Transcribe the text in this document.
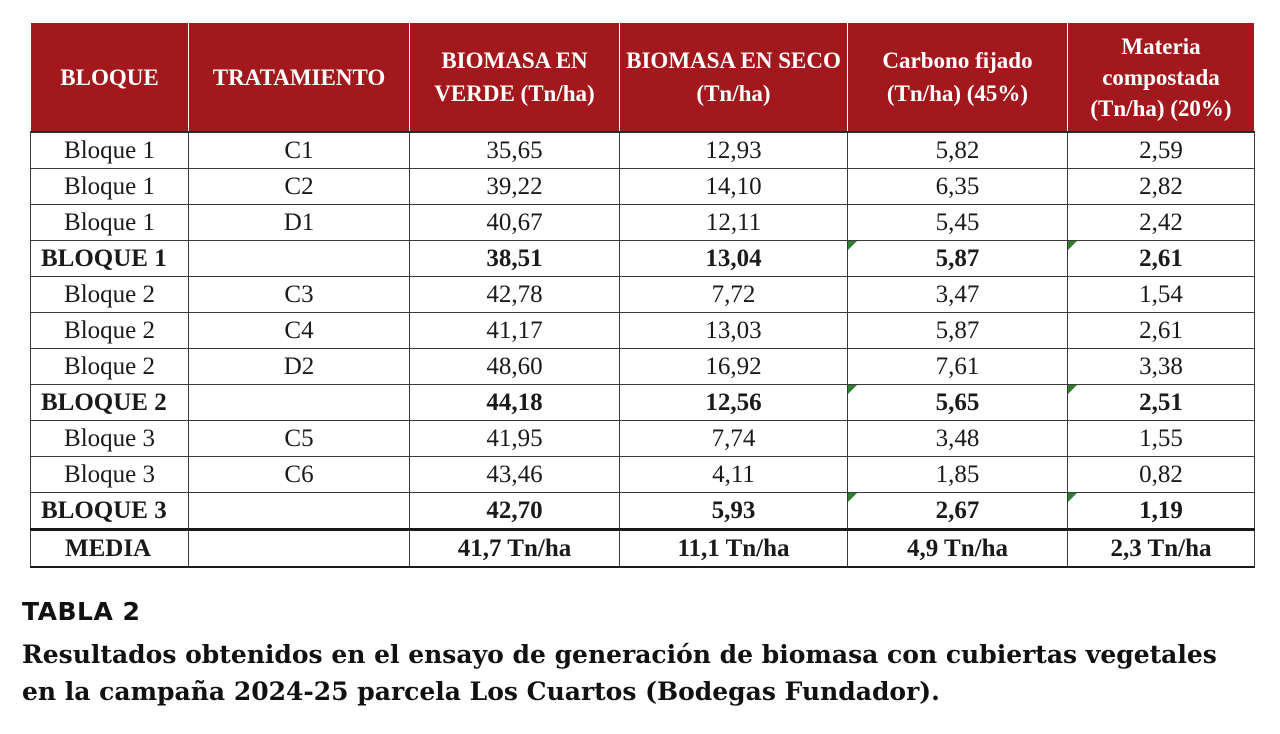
BLOQUE	TRATAMIENTO	BIOMASA EN VERDE (Tn/ha)	BIOMASA EN SECO (Tn/ha)	Carbono fijado (Tn/ha) (45%)	Materia compostada (Tn/ha) (20%)
Bloque 1	C1	35,65	12,93	5,82	2,59
Bloque 1	C2	39,22	14,10	6,35	2,82
Bloque 1	D1	40,67	12,11	5,45	2,42
BLOQUE 1		38,51	13,04	5,87	2,61
Bloque 2	C3	42,78	7,72	3,47	1,54
Bloque 2	C4	41,17	13,03	5,87	2,61
Bloque 2	D2	48,60	16,92	7,61	3,38
BLOQUE 2		44,18	12,56	5,65	2,51
Bloque 3	C5	41,95	7,74	3,48	1,55
Bloque 3	C6	43,46	4,11	1,85	0,82
BLOQUE 3		42,70	5,93	2,67	1,19
MEDIA		41,7 Tn/ha	11,1 Tn/ha	4,9 Tn/ha	2,3 Tn/ha

TABLA 2

Resultados obtenidos en el ensayo de generación de biomasa con cubiertas vegetales en la campaña 2024-25 parcela Los Cuartos (Bodegas Fundador).
